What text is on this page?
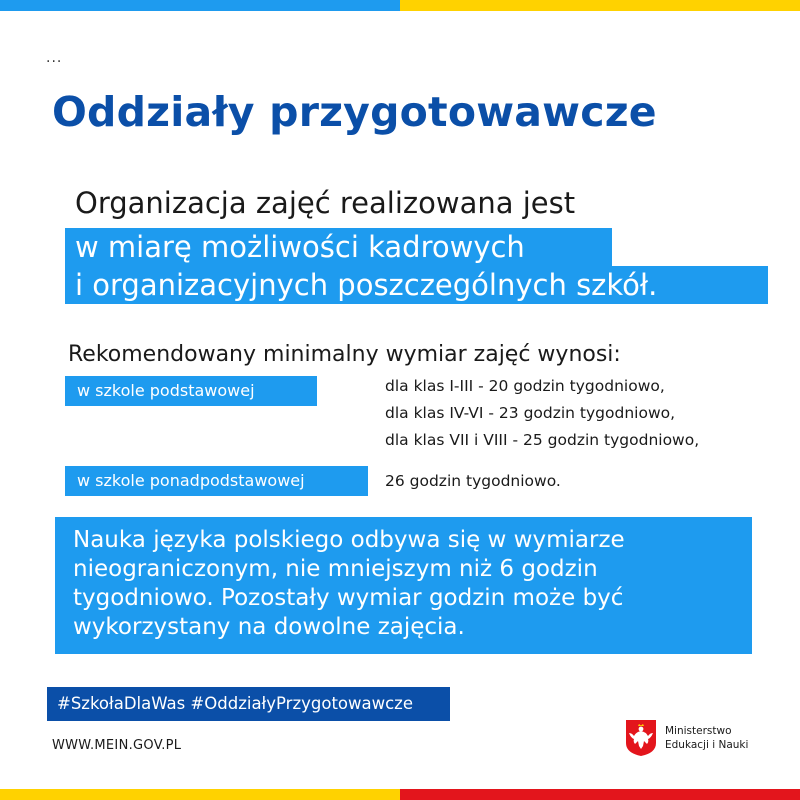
...
Oddziały przygotowawcze
Organizacja zajęć realizowana jest
w miarę możliwości kadrowych
i organizacyjnych poszczególnych szkół.
Rekomendowany minimalny wymiar zajęć wynosi:
w szkole podstawowej	dla klas I-III - 20 godzin tygodniowo,
dla klas IV-VI - 23 godzin tygodniowo,
dla klas VII i VIII - 25 godzin tygodniowo,
w szkole ponadpodstawowej	26 godzin tygodniowo.
Nauka języka polskiego odbywa się w wymiarze
nieograniczonym, nie mniejszym niż 6 godzin
tygodniowo. Pozostały wymiar godzin może być
wykorzystany na dowolne zajęcia.
#SzkołaDlaWas #OddziałyPrzygotowawcze
WWW.MEIN.GOV.PL
Ministerstwo
Edukacji i Nauki
